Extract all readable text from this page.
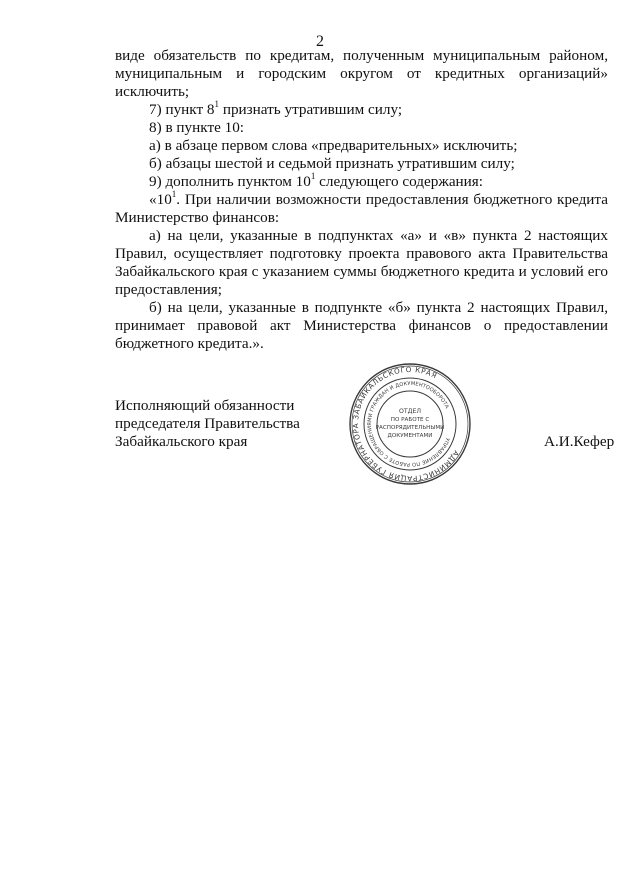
2

виде обязательств по кредитам, полученным муниципальным районом, муниципальным и городским округом от кредитных организаций» исключить;

7) пункт $8^1$ признать утратившим силу;

8) в пункте 10:

а) в абзаце первом слова «предварительных» исключить;

б) абзацы шестой и седьмой признать утратившим силу;

9) дополнить пунктом $10^1$ следующего содержания:

«$10^1$. При наличии возможности предоставления бюджетного кредита Министерство финансов:

а) на цели, указанные в подпунктах «а» и «в» пункта 2 настоящих Правил, осуществляет подготовку проекта правового акта Правительства Забайкальского края с указанием суммы бюджетного кредита и условий его предоставления;

б) на цели, указанные в подпункте «б» пункта 2 настоящих Правил, принимает правовой акт Министерства финансов о предоставлении бюджетного кредита.».

Исполняющий обязанности
председателя Правительства
Забайкальского края	А.И.Кефер
АДМИНИСТРАЦИЯ ГУБЕРНАТОРА ЗАБАЙКАЛЬСКОГО КРАЯ
УПРАВЛЕНИЕ ПО РАБОТЕ С ОБРАЩЕНИЯМИ ГРАЖДАН И ДОКУМЕНТООБОРОТА
ОТДЕЛ
ПО РАБОТЕ С
РАСПОРЯДИТЕЛЬНЫМИ
ДОКУМЕНТАМИ
